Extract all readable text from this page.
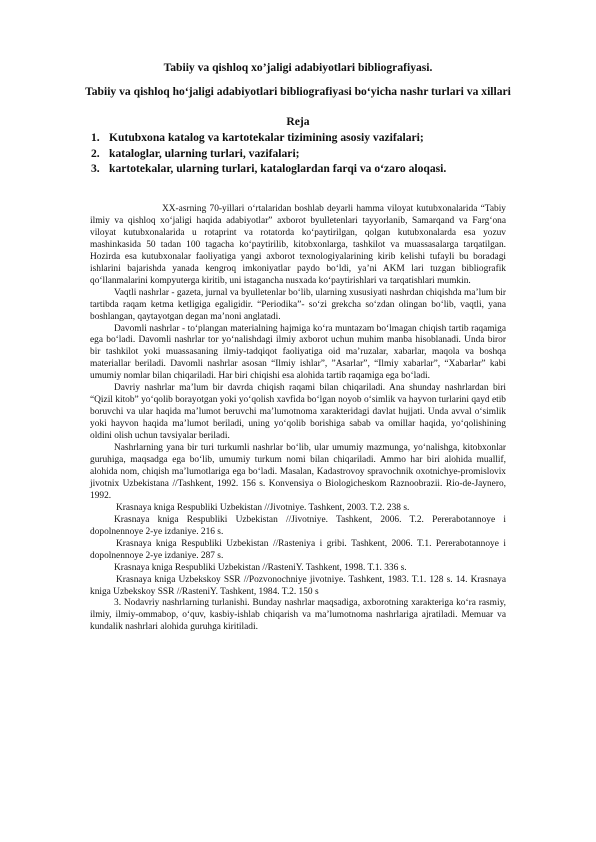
Tabiiy va qishloq xo’jaligi adabiyotlari bibliografiyasi.
Tabiiy va qishloq ho‘jaligi adabiyotlari bibliografiyasi bo‘yicha nashr turlari va xillari
Reja
1. Kutubxona katalog va kartotekalar tizimining asosiy vazifalari;
2. kataloglar, ularning turlari, vazifalari;
3. kartotekalar, ularning turlari, kataloglardan farqi va o‘zaro aloqasi.

XX-asrning 70-yillari o‘rtalaridan boshlab deyarli hamma viloyat kutubxonalarida “Tabiy ilmiy va qishloq xo‘jaligi haqida adabiyotlar” axborot byulletenlari tayyorlanib, Samarqand va Farg‘ona viloyat kutubxonalarida u rotaprint va rotatorda ko‘paytirilgan, qolgan kutubxonalarda esa yozuv mashinkasida 50 tadan 100 tagacha ko‘paytirilib, kitobxonlarga, tashkilot va muassasalarga tarqatilgan. Hozirda esa kutubxonalar faoliyatiga yangi axborot texnologiyalarining kirib kelishi tufayli bu boradagi ishlarini bajarishda yanada kengroq imkoniyatlar paydo bo‘ldi, ya’ni AKM lari tuzgan bibliografik qo‘llanmalarini kompyuterga kiritib, uni istagancha nusxada ko‘paytirishlari va tarqatishlari mumkin.

Vaqtli nashrlar - gazeta, jurnal va byulletenlar bo‘lib, ularning xususiyati nashrdan chiqishda ma’lum bir tartibda raqam ketma ketligiga egaligidir. “Periodika”- so‘zi grekcha so‘zdan olingan bo‘lib, vaqtli, yana boshlangan, qaytayotgan degan ma’noni anglatadi.

Davomli nashrlar - to‘plangan materialning hajmiga ko‘ra muntazam bo‘lmagan chiqish tartib raqamiga ega bo‘ladi. Davomli nashrlar tor yo‘nalishdagi ilmiy axborot uchun muhim manba hisoblanadi. Unda biror bir tashkilot yoki muassasaning ilmiy-tadqiqot faoliyatiga oid ma’ruzalar, xabarlar, maqola va boshqa materiallar beriladi. Davomli nashrlar asosan “Ilmiy ishlar”, ”Asarlar”, “Ilmiy xabarlar”, “Xabarlar” kabi umumiy nomlar bilan chiqariladi. Har biri chiqishi esa alohida tartib raqamiga ega bo‘ladi.

Davriy nashrlar ma’lum bir davrda chiqish raqami bilan chiqariladi. Ana shunday nashrlardan biri “Qizil kitob” yo‘qolib borayotgan yoki yo‘qolish xavfida bo‘lgan noyob o‘simlik va hayvon turlarini qayd etib boruvchi va ular haqida ma’lumot beruvchi ma’lumotnoma xarakteridagi davlat hujjati. Unda avval o‘simlik yoki hayvon haqida ma’lumot beriladi, uning yo‘qolib borishiga sabab va omillar haqida, yo‘qolishining oldini olish uchun tavsiyalar beriladi.

Nashrlarning yana bir turi turkumli nashrlar bo‘lib, ular umumiy mazmunga, yo‘nalishga, kitobxonlar guruhiga, maqsadga ega bo‘lib, umumiy turkum nomi bilan chiqariladi. Ammo har biri alohida muallif, alohida nom, chiqish ma’lumotlariga ega bo‘ladi. Masalan, Kadastrovoy spravochnik oxotnichye-promislovix jivotnix Uzbekistana //Tashkent, 1992. 156 s. Konvensiya o Biologicheskom Raznoobrazii. Rio-de-Jaynero, 1992.

Krasnaya kniga Respubliki Uzbekistan //Jivotniye. Tashkent, 2003. T.2. 238 s.

Krasnaya kniga Respubliki Uzbekistan //Jivotniye. Tashkent, 2006. T.2. Pererabotannoye i dopolnennoye 2-ye izdaniye. 216 s.

Krasnaya kniga Respubliki Uzbekistan //Rasteniya i gribi. Tashkent, 2006. T.1. Pererabotannoye i dopolnennoye 2-ye izdaniye. 287 s.

Krasnaya kniga Respubliki Uzbekistan //RasteniY. Tashkent, 1998. T.1. 336 s.

Krasnaya kniga Uzbekskoy SSR //Pozvonochniye jivotniye. Tashkent, 1983. T.1. 128 s. 14. Krasnaya kniga Uzbekskoy SSR //RasteniY. Tashkent, 1984. T.2. 150 s

3. Nodavriy nashrlarning turlanishi. Bunday nashrlar maqsadiga, axborotning xarakteriga ko‘ra rasmiy, ilmiy, ilmiy-ommabop, o‘quv, kasbiy-ishlab chiqarish va ma’lumotnoma nashrlariga ajratiladi. Memuar va kundalik nashrlari alohida guruhga kiritiladi.
